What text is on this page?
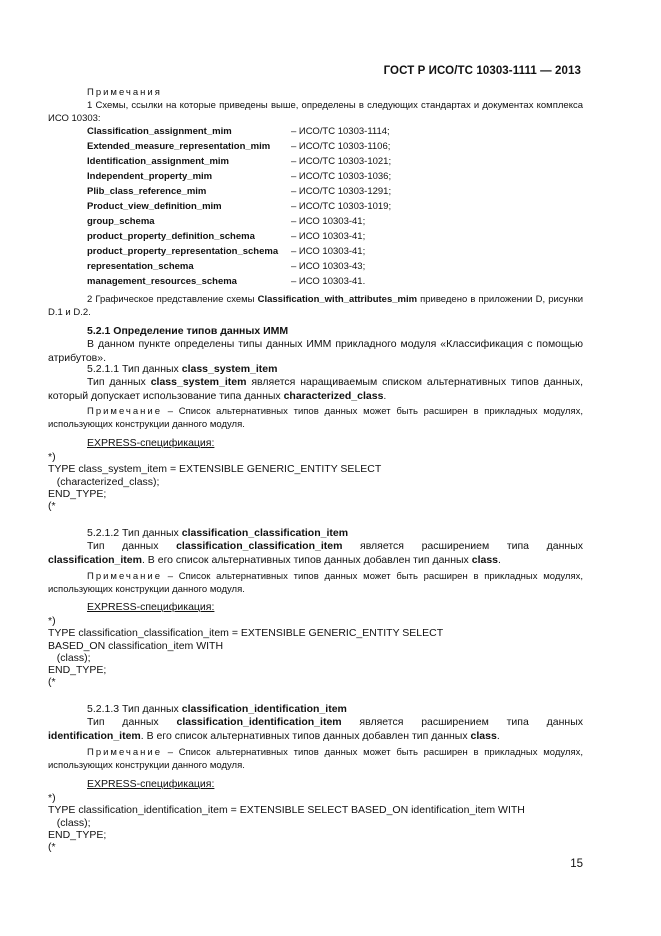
ГОСТ Р ИСО/ТС 10303-1111 — 2013
Примечания
1 Схемы, ссылки на которые приведены выше, определены в следующих стандартах и документах комплекса ИСО 10303:
Classification_assignment_mim	– ИСО/ТС 10303-1114;
Extended_measure_representation_mim – ИСО/ТС 10303-1106;
Identification_assignment_mim	– ИСО/ТС 10303-1021;
Independent_property_mim	– ИСО/ТС 10303-1036;
Plib_class_reference_mim	– ИСО/ТС 10303-1291;
Product_view_definition_mim	– ИСО/ТС 10303-1019;
group_schema	– ИСО 10303-41;
product_property_definition_schema	– ИСО 10303-41;
product_property_representation_schema – ИСО 10303-41;
representation_schema	– ИСО 10303-43;
management_resources_schema	– ИСО 10303-41.
2 Графическое представление схемы Classification_with_attributes_mim приведено в приложении D, рисунки D.1 и D.2.
5.2.1 Определение типов данных ИММ
В данном пункте определены типы данных ИММ прикладного модуля «Классификация с помощью атрибутов».
5.2.1.1 Тип данных class_system_item
Тип данных class_system_item является наращиваемым списком альтернативных типов данных, который допускает использование типа данных characterized_class.
Примечание – Список альтернативных типов данных может быть расширен в прикладных модулях, использующих конструкции данного модуля.
EXPRESS-спецификация:
*)
TYPE class_system_item = EXTENSIBLE GENERIC_ENTITY SELECT
(characterized_class);
END_TYPE;
(*
5.2.1.2 Тип данных classification_classification_item
Тип данных classification_classification_item является расширением типа данных classification_item. В его список альтернативных типов данных добавлен тип данных class.
Примечание – Список альтернативных типов данных может быть расширен в прикладных модулях, использующих конструкции данного модуля.
EXPRESS-спецификация:
*)
TYPE classification_classification_item = EXTENSIBLE GENERIC_ENTITY SELECT
BASED_ON classification_item WITH
(class);
END_TYPE;
(*
5.2.1.3 Тип данных classification_identification_item
Тип данных classification_identification_item является расширением типа данных identification_item. В его список альтернативных типов данных добавлен тип данных class.
Примечание – Список альтернативных типов данных может быть расширен в прикладных модулях, использующих конструкции данного модуля.
EXPRESS-спецификация:
*)
TYPE classification_identification_item = EXTENSIBLE SELECT BASED_ON identification_item WITH
(class);
END_TYPE;
(*
15
